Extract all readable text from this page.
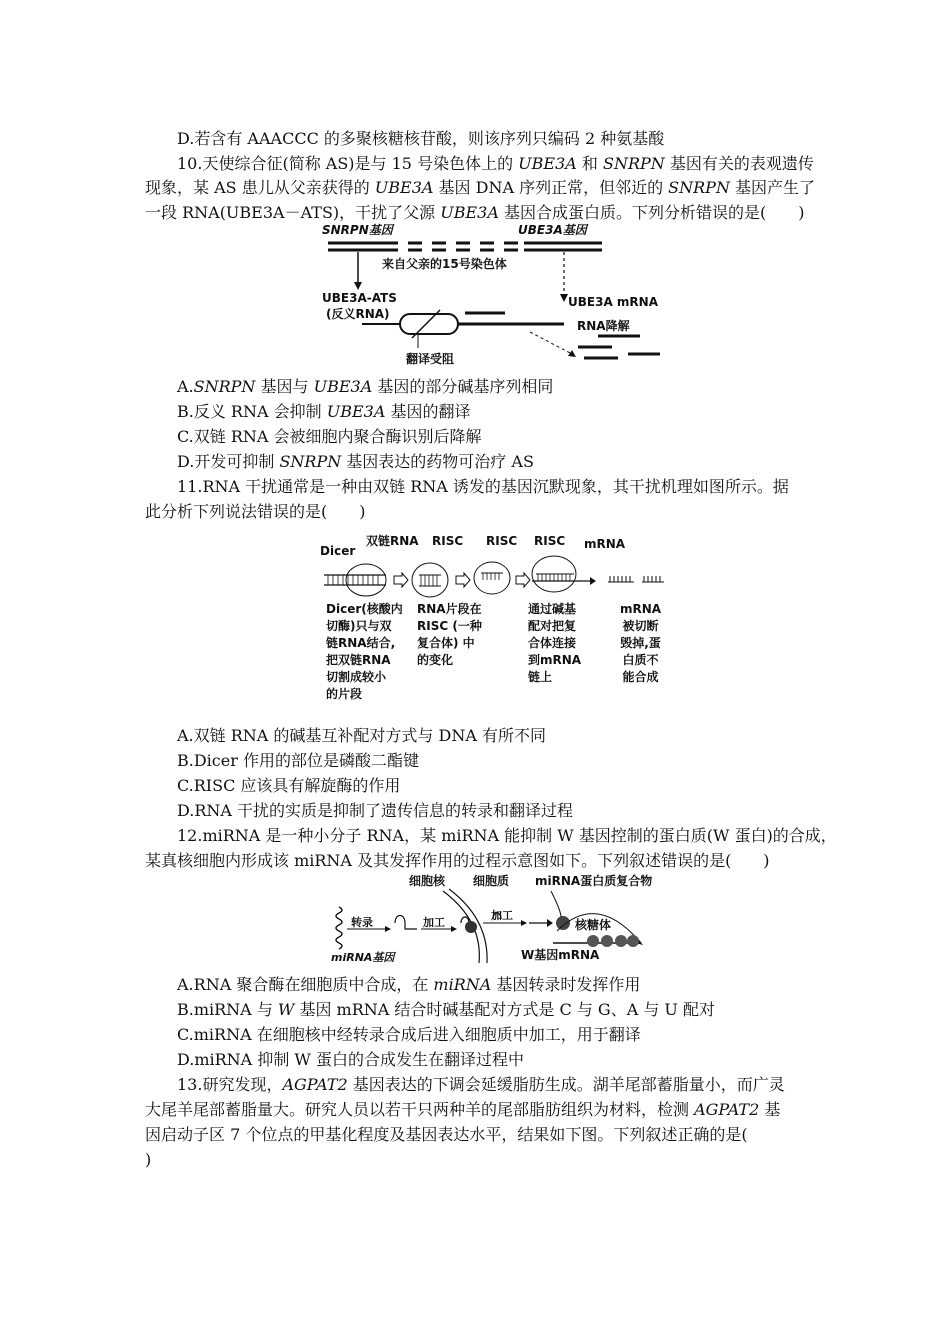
D.若含有 AAACCC 的多聚核糖核苷酸，则该序列只编码 2 种氨基酸
10.天使综合征(简称 AS)是与 15 号染色体上的 UBE3A 和 SNRPN 基因有关的表观遗传
现象，某 AS 患儿从父亲获得的 UBE3A 基因 DNA 序列正常，但邻近的 SNRPN 基因产生了
一段 RNA(UBE3A－ATS)，干扰了父源 UBE3A 基因合成蛋白质。下列分析错误的是(　　)
SNRPN基因	UBE3A基因
来自父亲的15号染色体
UBE3A-ATS
(反义RNA)
UBE3A mRNA
RNA降解
翻译受阻
A.SNRPN 基因与 UBE3A 基因的部分碱基序列相同
B.反义 RNA 会抑制 UBE3A 基因的翻译
C.双链 RNA 会被细胞内聚合酶识别后降解
D.开发可抑制 SNRPN 基因表达的药物可治疗 AS
11.RNA 干扰通常是一种由双链 RNA 诱发的基因沉默现象，其干扰机理如图所示。据
此分析下列说法错误的是(　　)
Dicer
双链RNA RISC RISC RISC mRNA
Dicer(核酸内
切酶)只与双
链RNA结合,
把双链RNA
切割成较小
的片段
RNA片段在
RISC (一种
复合体) 中
的变化
通过碱基
配对把复
合体连接
到mRNA
链上
mRNA
被切断
毁掉,蛋
白质不
能合成
A.双链 RNA 的碱基互补配对方式与 DNA 有所不同
B.Dicer 作用的部位是磷酸二酯键
C.RISC 应该具有解旋酶的作用
D.RNA 干扰的实质是抑制了遗传信息的转录和翻译过程
12.miRNA 是一种小分子 RNA，某 miRNA 能抑制 W 基因控制的蛋白质(W 蛋白)的合成，
某真核细胞内形成该 miRNA 及其发挥作用的过程示意图如下。下列叙述错误的是(　　)
细胞核 细胞质 miRNA蛋白质复合物
miRNA基因
转录	加工
加工
核糖体
W基因mRNA
A.RNA 聚合酶在细胞质中合成，在 miRNA 基因转录时发挥作用
B.miRNA 与 W 基因 mRNA 结合时碱基配对方式是 C 与 G、A 与 U 配对
C.miRNA 在细胞核中经转录合成后进入细胞质中加工，用于翻译
D.miRNA 抑制 W 蛋白的合成发生在翻译过程中
13.研究发现，AGPAT2 基因表达的下调会延缓脂肪生成。湖羊尾部蓄脂量小，而广灵
大尾羊尾部蓄脂量大。研究人员以若干只两种羊的尾部脂肪组织为材料，检测 AGPAT2 基
因启动子区 7 个位点的甲基化程度及基因表达水平，结果如下图。下列叙述正确的是(
)
